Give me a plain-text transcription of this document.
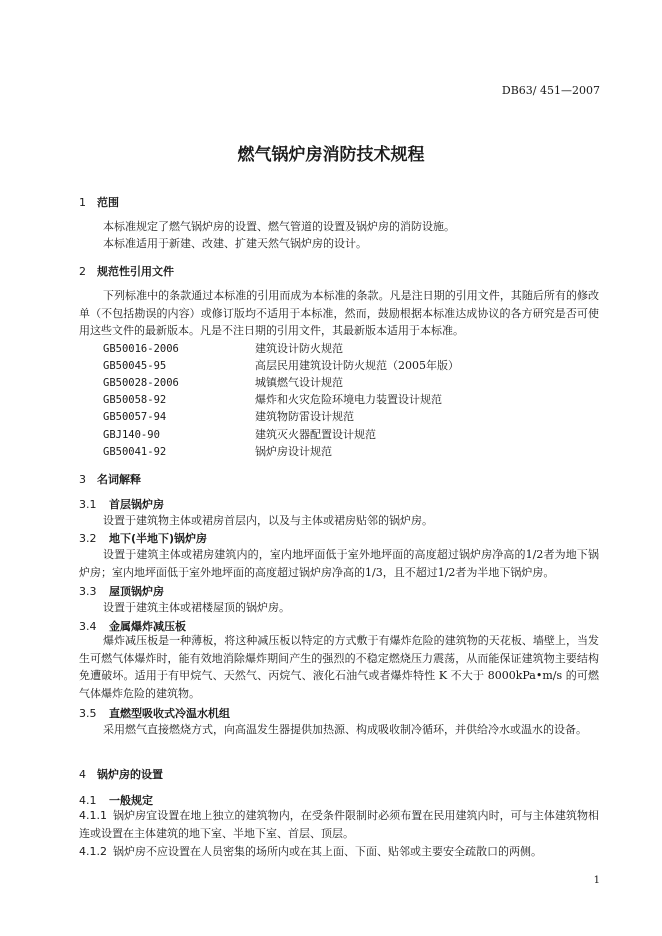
DB63/ 451—2007
燃气锅炉房消防技术规程
1 范围
本标准规定了燃气锅炉房的设置、燃气管道的设置及锅炉房的消防设施。
本标准适用于新建、改建、扩建天然气锅炉房的设计。
2 规范性引用文件
下列标准中的条款通过本标准的引用而成为本标准的条款。凡是注日期的引用文件，其随后所有的修改单（不包括勘误的内容）或修订版均不适用于本标准，然而，鼓励根据本标准达成协议的各方研究是否可使用这些文件的最新版本。凡是不注日期的引用文件，其最新版本适用于本标准。
GB50016-2006	建筑设计防火规范
GB50045-95	高层民用建筑设计防火规范（2005年版）
GB50028-2006	城镇燃气设计规范
GB50058-92	爆炸和火灾危险环境电力装置设计规范
GB50057-94	建筑物防雷设计规范
GBJ140-90	建筑灭火器配置设计规范
GB50041-92	锅炉房设计规范
3 名词解释
3.1 首层锅炉房
设置于建筑物主体或裙房首层内，以及与主体或裙房贴邻的锅炉房。
3.2 地下(半地下)锅炉房
设置于建筑主体或裙房建筑内的，室内地坪面低于室外地坪面的高度超过锅炉房净高的1/2者为地下锅炉房；室内地坪面低于室外地坪面的高度超过锅炉房净高的1/3，且不超过1/2者为半地下锅炉房。
3.3 屋顶锅炉房
设置于建筑主体或裙楼屋顶的锅炉房。
3.4 金属爆炸减压板
爆炸减压板是一种薄板，将这种减压板以特定的方式敷于有爆炸危险的建筑物的天花板、墙壁上，当发生可燃气体爆炸时，能有效地消除爆炸期间产生的强烈的不稳定燃烧压力震荡，从而能保证建筑物主要结构免遭破坏。适用于有甲烷气、天然气、丙烷气、液化石油气或者爆炸特性 K 不大于 8000kPa•m/s 的可燃气体爆炸危险的建筑物。
3.5 直燃型吸收式冷温水机组
采用燃气直接燃烧方式，向高温发生器提供加热源、构成吸收制冷循环，并供给冷水或温水的设备。
4 锅炉房的设置
4.1 一般规定
4.1.1 锅炉房宜设置在地上独立的建筑物内，在受条件限制时必须布置在民用建筑内时，可与主体建筑物相连或设置在主体建筑的地下室、半地下室、首层、顶层。
4.1.2 锅炉房不应设置在人员密集的场所内或在其上面、下面、贴邻或主要安全疏散口的两侧。
1
